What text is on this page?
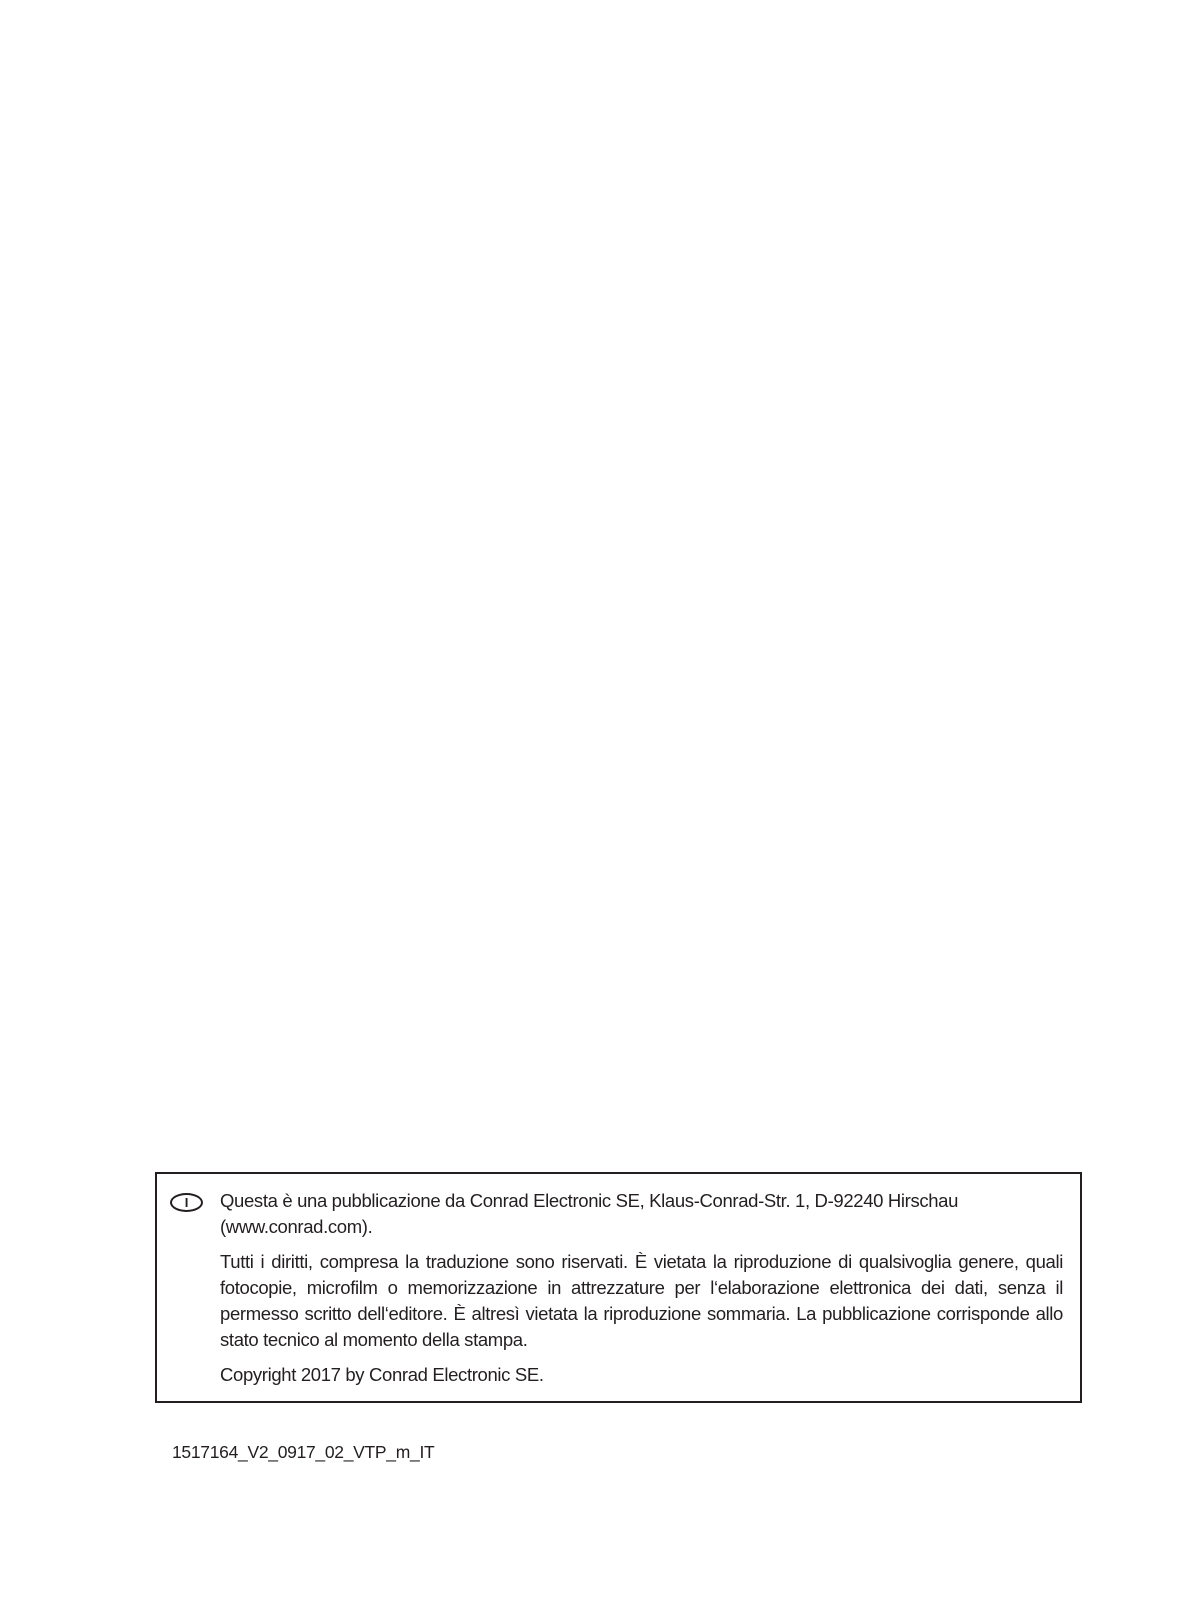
I	Questa è una pubblicazione da Conrad Electronic SE, Klaus-Conrad-Str. 1, D-92240 Hirschau (www.conrad.com).

Tutti i diritti, compresa la traduzione sono riservati. È vietata la riproduzione di qualsivoglia genere, quali fotocopie, microfilm o memorizzazione in attrezzature per l‘elaborazione elettronica dei dati, senza il permesso scritto dell‘editore. È altresì vietata la riproduzione sommaria. La pubblicazione corrisponde allo stato tecnico al momento della stampa.

Copyright 2017 by Conrad Electronic SE.

1517164_V2_0917_02_VTP_m_IT
